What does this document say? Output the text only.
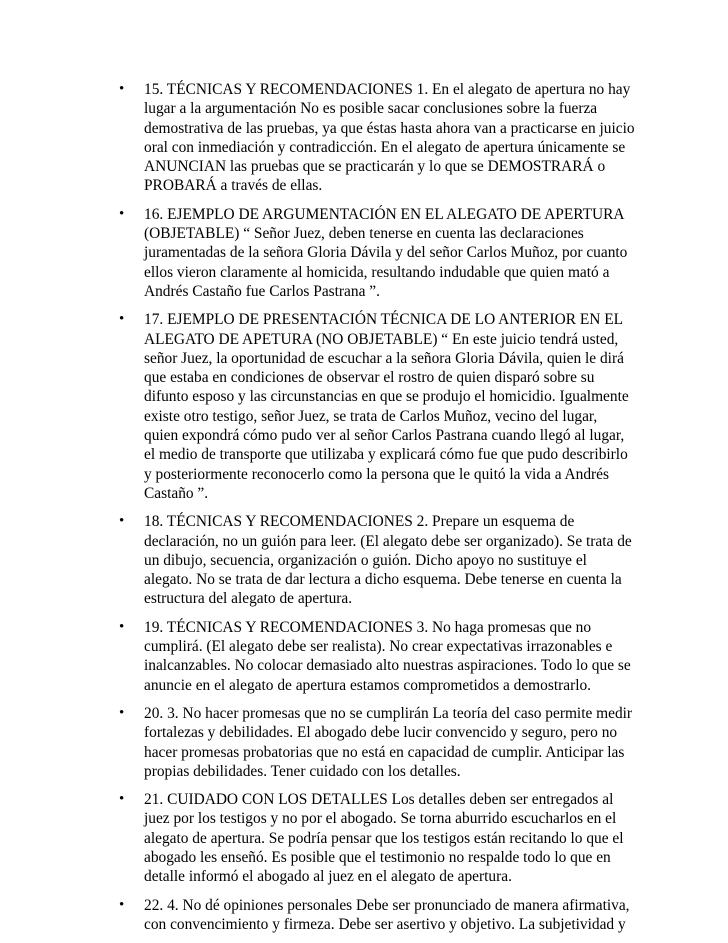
•	15. TÉCNICAS Y RECOMENDACIONES 1. En el alegato de apertura no hay lugar a la argumentación No es posible sacar conclusiones sobre la fuerza demostrativa de las pruebas, ya que éstas hasta ahora van a practicarse en juicio oral con inmediación y contradicción. En el alegato de apertura únicamente se ANUNCIAN las pruebas que se practicarán y lo que se DEMOSTRARÁ o PROBARÁ a través de ellas.
•	16. EJEMPLO DE ARGUMENTACIÓN EN EL ALEGATO DE APERTURA (OBJETABLE) “ Señor Juez, deben tenerse en cuenta las declaraciones juramentadas de la señora Gloria Dávila y del señor Carlos Muñoz, por cuanto ellos vieron claramente al homicida, resultando indudable que quien mató a Andrés Castaño fue Carlos Pastrana ”.
•	17. EJEMPLO DE PRESENTACIÓN TÉCNICA DE LO ANTERIOR EN EL ALEGATO DE APETURA (NO OBJETABLE) “ En este juicio tendrá usted, señor Juez, la oportunidad de escuchar a la señora Gloria Dávila, quien le dirá que estaba en condiciones de observar el rostro de quien disparó sobre su difunto esposo y las circunstancias en que se produjo el homicidio. Igualmente existe otro testigo, señor Juez, se trata de Carlos Muñoz, vecino del lugar, quien expondrá cómo pudo ver al señor Carlos Pastrana cuando llegó al lugar, el medio de transporte que utilizaba y explicará cómo fue que pudo describirlo y posteriormente reconocerlo como la persona que le quitó la vida a Andrés Castaño ”.
•	18. TÉCNICAS Y RECOMENDACIONES 2. Prepare un esquema de declaración, no un guión para leer. (El alegato debe ser organizado). Se trata de un dibujo, secuencia, organización o guión. Dicho apoyo no sustituye el alegato. No se trata de dar lectura a dicho esquema. Debe tenerse en cuenta la estructura del alegato de apertura.
•	19. TÉCNICAS Y RECOMENDACIONES 3. No haga promesas que no cumplirá. (El alegato debe ser realista). No crear expectativas irrazonables e inalcanzables. No colocar demasiado alto nuestras aspiraciones. Todo lo que se anuncie en el alegato de apertura estamos comprometidos a demostrarlo.
•	20. 3. No hacer promesas que no se cumplirán La teoría del caso permite medir fortalezas y debilidades. El abogado debe lucir convencido y seguro, pero no hacer promesas probatorias que no está en capacidad de cumplir. Anticipar las propias debilidades. Tener cuidado con los detalles.
•	21. CUIDADO CON LOS DETALLES Los detalles deben ser entregados al juez por los testigos y no por el abogado. Se torna aburrido escucharlos en el alegato de apertura. Se podría pensar que los testigos están recitando lo que el abogado les enseñó. Es posible que el testimonio no respalde todo lo que en detalle informó el abogado al juez en el alegato de apertura.
•	22. 4. No dé opiniones personales Debe ser pronunciado de manera afirmativa, con convencimiento y firmeza. Debe ser asertivo y objetivo. La subjetividad y
